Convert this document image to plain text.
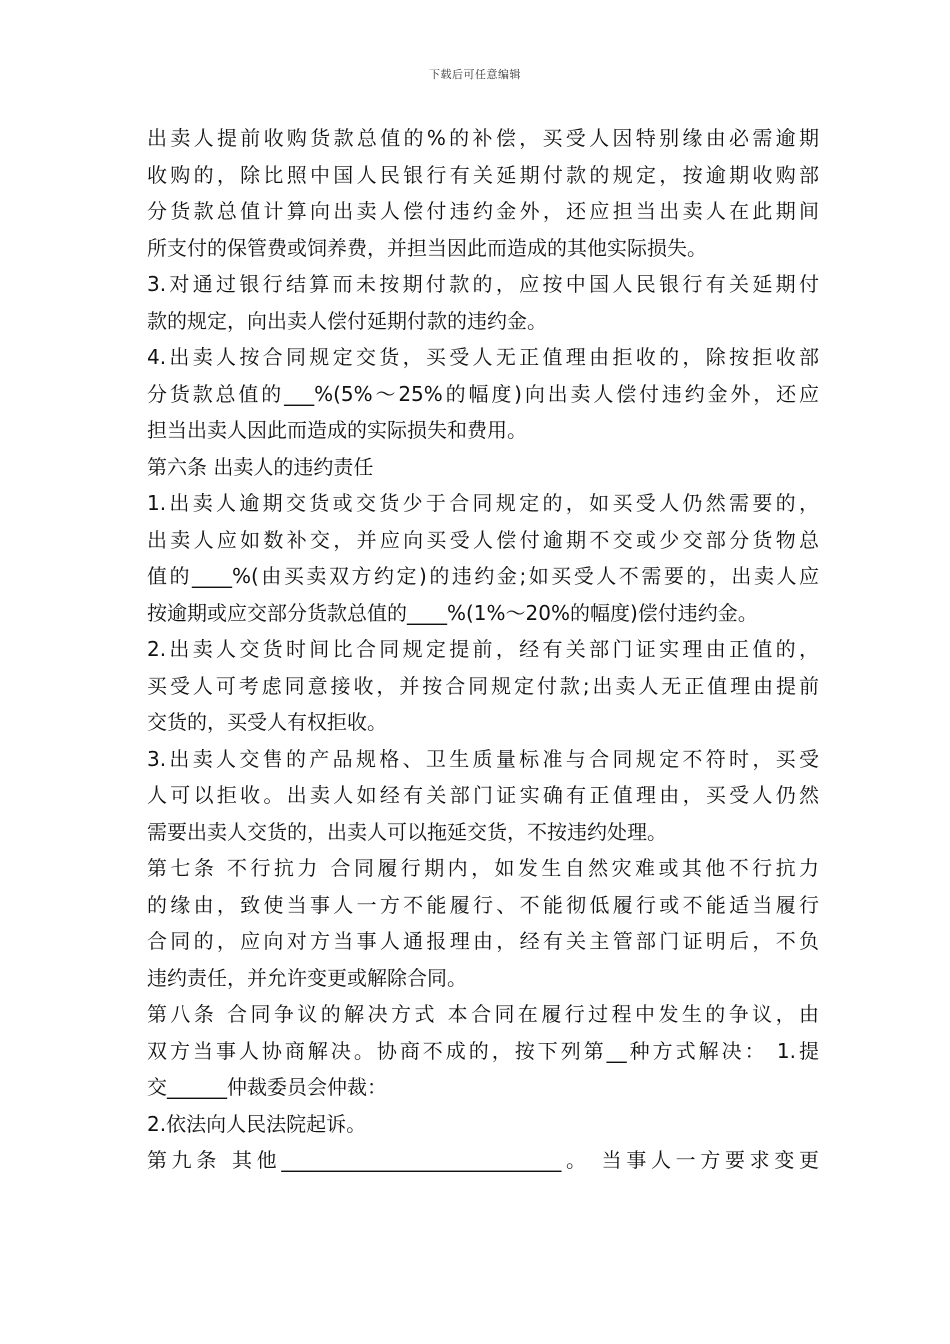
下载后可任意编辑
出卖人提前收购货款总值的%的补偿，买受人因特别缘由必需逾期
收购的，除比照中国人民银行有关延期付款的规定，按逾期收购部
分货款总值计算向出卖人偿付违约金外，还应担当出卖人在此期间
所支付的保管费或饲养费，并担当因此而造成的其他实际损失。
3.对通过银行结算而未按期付款的，应按中国人民银行有关延期付
款的规定，向出卖人偿付延期付款的违约金。
4.出卖人按合同规定交货，买受人无正值理由拒收的，除按拒收部
分货款总值的___%(5%～25%的幅度)向出卖人偿付违约金外，还应
担当出卖人因此而造成的实际损失和费用。
第六条 出卖人的违约责任
1.出卖人逾期交货或交货少于合同规定的，如买受人仍然需要的，
出卖人应如数补交，并应向买受人偿付逾期不交或少交部分货物总
值的____%(由买卖双方约定)的违约金;如买受人不需要的，出卖人应
按逾期或应交部分货款总值的____%(1%～20%的幅度)偿付违约金。
2.出卖人交货时间比合同规定提前，经有关部门证实理由正值的，
买受人可考虑同意接收，并按合同规定付款;出卖人无正值理由提前
交货的，买受人有权拒收。
3.出卖人交售的产品规格、卫生质量标准与合同规定不符时，买受
人可以拒收。出卖人如经有关部门证实确有正值理由，买受人仍然
需要出卖人交货的，出卖人可以拖延交货，不按违约处理。
第七条 不行抗力 合同履行期内，如发生自然灾难或其他不行抗力
的缘由，致使当事人一方不能履行、不能彻低履行或不能适当履行
合同的，应向对方当事人通报理由，经有关主管部门证明后，不负
违约责任，并允许变更或解除合同。
第八条 合同争议的解决方式 本合同在履行过程中发生的争议，由
双方当事人协商解决。协商不成的，按下列第__种方式解决： 1.提
交______仲裁委员会仲裁：
2.依法向人民法院起诉。
第九条 其他____________________________。 当事人一方要求变更
